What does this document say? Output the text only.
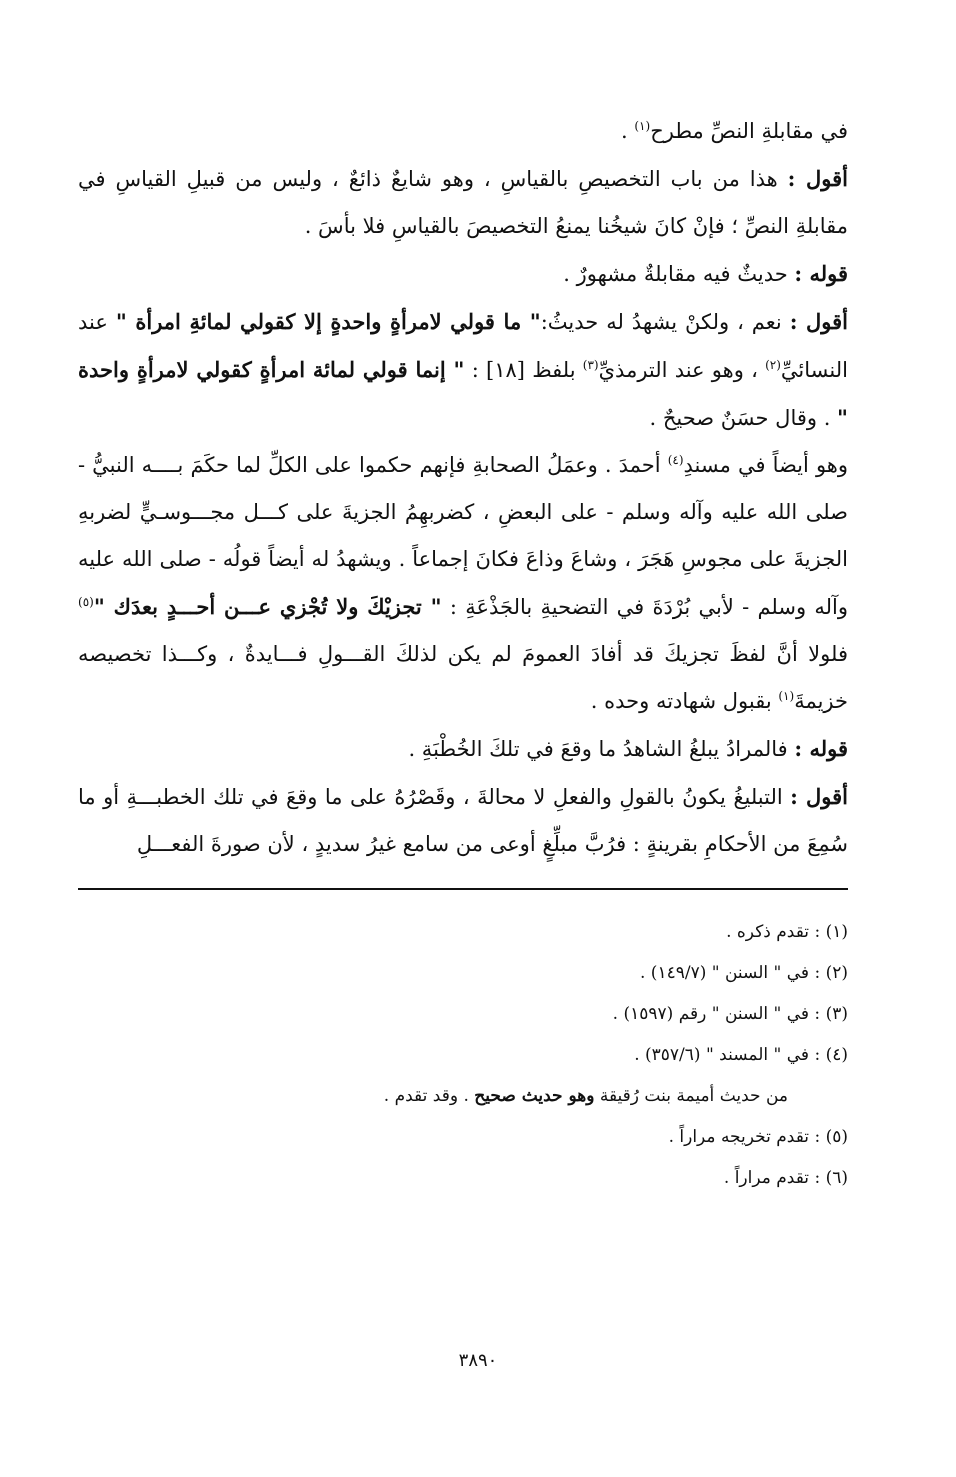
في مقابلةِ النصِّ مطرح$^{(١)}$ .

أقول : هذا من باب التخصيصِ بالقياسِ ، وهو شايعٌ ذائعٌ ، وليس من قبيلِ القياسِ في مقابلةِ النصِّ ؛ فإنْ كانَ شيخُنا يمنعُ التخصيصَ بالقياسِ فلا بأسَ .

قوله : حديثٌ فيه مقابلةٌ مشهورٌ .

أقول : نعم ، ولكنْ يشهدُ له حديثُ:" ما قولي لامرأةٍ واحدةٍ إلا كقولي لمائةِ امرأة " عند النسائيِّ$^{(٢)}$ ، وهو عند الترمذيِّ$^{(٣)}$ بلفظ [١٨] : " إنما قولي لمائة امرأةٍ كقولي لامرأةٍ واحدة " . وقال حسَنٌ صحيحٌ .

وهو أيضاً في مسندِ$^{(٤)}$ أحمدَ . وعمَلُ الصحابةِ فإنهم حكموا على الكلِّ لما حكَمَ بــــه النبيُّ - صلى الله عليه وآله وسلم - على البعضِ ، كضربهِمُ الجزيةَ على كـــل مجـــوسـيٍّ لضربهِ الجزيةَ على مجوسِ هَجَرَ ، وشاعَ وذاعَ فكانَ إجماعاً . ويشهدُ له أيضاً قولُه - صلى الله عليه وآله وسلم - لأبي بُرْدَةَ في التضحيةِ بالجَذْعَةِ : " تجزيْكَ ولا تُجْزي عـــن أحـــدٍ بعدَك "$^{(٥)}$ فلولا أنَّ لفظَ تجزيكَ قد أفادَ العمومَ لم يكن لذلكَ القـــولِ فـــايدةٌ ، وكـــذا تخصيصه خزيمةَ$^{(١)}$ بقبول شهادته وحده .

قوله : فالمرادُ يبلغُ الشاهدُ ما وقعَ في تلكَ الخُطْبَةِ .

أقول : التبليغُ يكونُ بالقولِ والفعلِ لا محالةَ ، وقَصْرُهُ على ما وقعَ في تلك الخطبـــةِ أو ما سُمِعَ من الأحكامِ بقرينةٍ : فرُبَّ مبلِّغٍ أوعى من سامع غيرُ سديدٍ ، لأن صورةَ الفعـــلِ

(١) : تقدم ذكره .

(٢) : في " السنن " (١٤٩/٧) .

(٣) : في " السنن " رقم (١٥٩٧) .

(٤) : في " المسند " (٣٥٧/٦) .

من حديث أميمة بنت رُقيقة وهو حديث صحيح . وقد تقدم .

(٥) : تقدم تخريجه مراراً .

(٦) : تقدم مراراً .

٣٨٩٠
